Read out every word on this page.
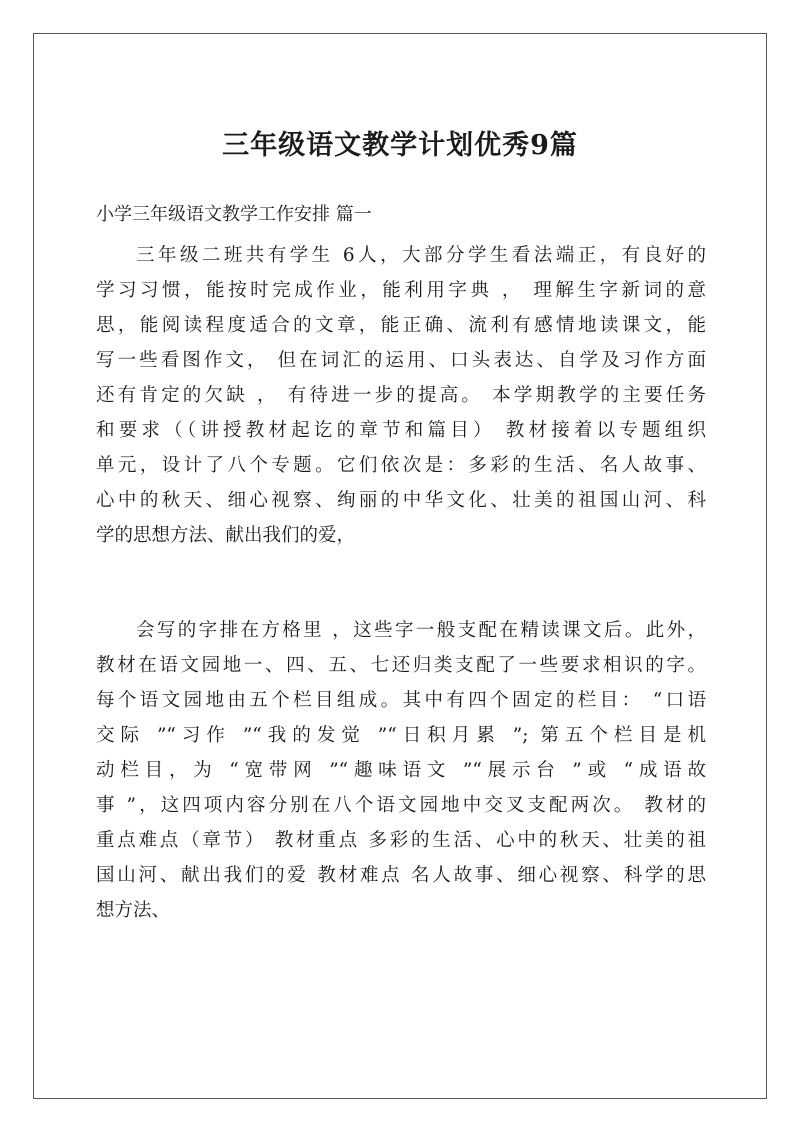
三年级语文教学计划优秀9篇
小学三年级语文教学工作安排 篇一
三年级二班共有学生 6人，大部分学生看法端正，有良好的
学习习惯，能按时完成作业，能利用字典 ， 理解生字新词的意
思，能阅读程度适合的文章，能正确、流利有感情地读课文，能
写一些看图作文， 但在词汇的运用、口头表达、自学及习作方面
还有肯定的欠缺 ， 有待进一步的提高。 本学期教学的主要任务
和要求（（讲授教材起讫的章节和篇目） 教材接着以专题组织
单元，设计了八个专题。它们依次是：多彩的生活、名人故事、
心中的秋天、细心视察、绚丽的中华文化、壮美的祖国山河、科
学的思想方法、献出我们的爱，
会写的字排在方格里 ，这些字一般支配在精读课文后。此外，
教材在语文园地一、四、五、七还归类支配了一些要求相识的字。
每个语文园地由五个栏目组成。其中有四个固定的栏目： “口语
交际 ”“习作 ”“我的发觉 ”“日积月累 ”; 第五个栏目是机
动栏目，为 “宽带网 ”“趣味语文 ”“展示台 ”或 “成语故
事 ”，这四项内容分别在八个语文园地中交叉支配两次。 教材的
重点难点（章节） 教材重点 多彩的生活、心中的秋天、壮美的祖
国山河、献出我们的爱 教材难点 名人故事、细心视察、科学的思
想方法、
